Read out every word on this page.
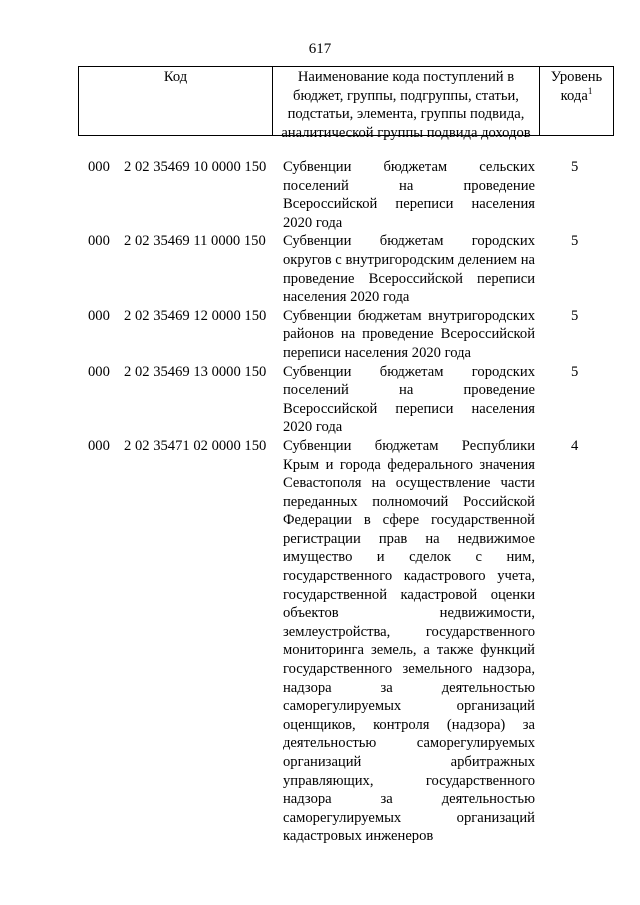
617
Код	Наименование кода поступлений в бюджет, группы, подгруппы, статьи, подстатьи, элемента, группы подвида, аналитической группы подвида доходов
Уровень кода$^1$
000 2 02 35469 10 0000 150 Субвенции бюджетам сельских поселений на проведение Всероссийской переписи населения 2020 года
5
000 2 02 35469 11 0000 150 Субвенции бюджетам городских округов с внутригородским делением на проведение Всероссийской переписи населения 2020 года
5
000 2 02 35469 12 0000 150 Субвенции бюджетам внутригородских районов на проведение Всероссийской переписи населения 2020 года
5
000 2 02 35469 13 0000 150 Субвенции бюджетам городских поселений на проведение Всероссийской переписи населения 2020 года
5
000 2 02 35471 02 0000 150 Субвенции бюджетам Республики Крым и города федерального значения Севастополя на осуществление части переданных полномочий Российской Федерации в сфере государственной регистрации прав на недвижимое имущество и сделок с ним, государственного кадастрового учета, государственной кадастровой оценки объектов недвижимости, землеустройства, государственного мониторинга земель, а также функций государственного земельного надзора, надзора за деятельностью саморегулируемых организаций оценщиков, контроля (надзора) за деятельностью саморегулируемых организаций арбитражных управляющих, государственного надзора за деятельностью саморегулируемых организаций кадастровых инженеров
4
